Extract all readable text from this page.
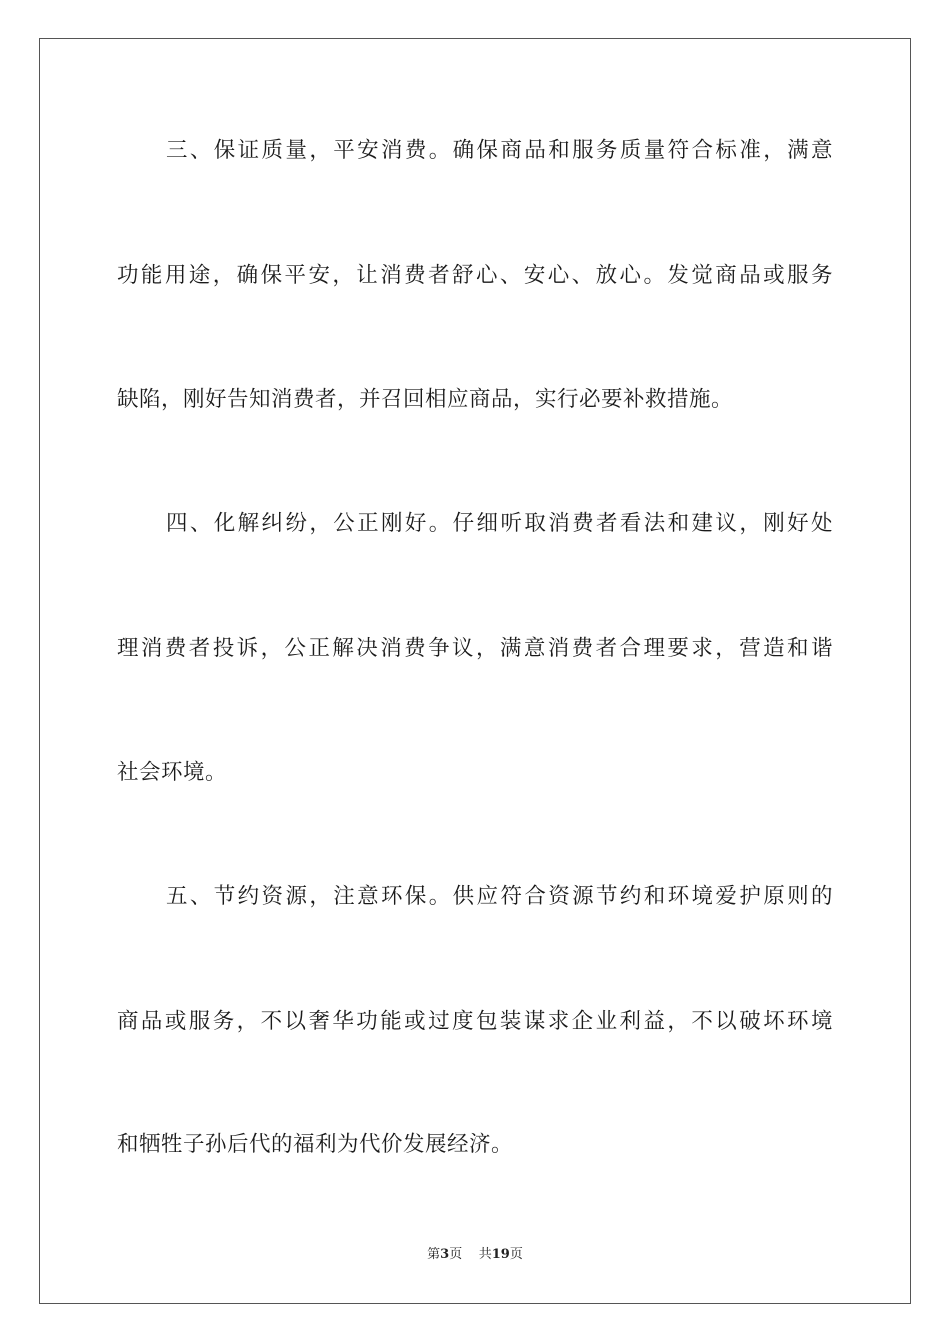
三、保证质量，平安消费。确保商品和服务质量符合标准，满意
功能用途，确保平安，让消费者舒心、安心、放心。发觉商品或服务
缺陷，刚好告知消费者，并召回相应商品，实行必要补救措施。
四、化解纠纷，公正刚好。仔细听取消费者看法和建议，刚好处
理消费者投诉，公正解决消费争议，满意消费者合理要求，营造和谐
社会环境。
五、节约资源，注意环保。供应符合资源节约和环境爱护原则的
商品或服务，不以奢华功能或过度包装谋求企业利益，不以破坏环境
和牺牲子孙后代的福利为代价发展经济。
第3页 共19页
